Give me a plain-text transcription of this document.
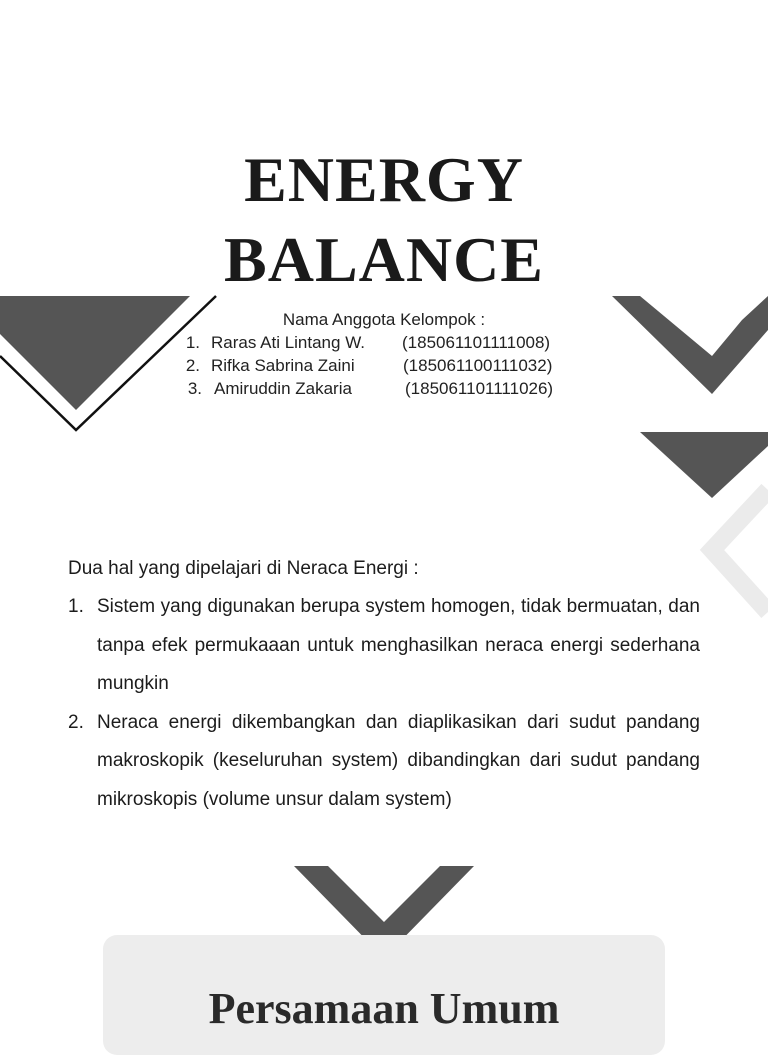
ENERGY
BALANCE
Nama Anggota Kelompok :
1. Raras Ati Lintang W. (185061101111008)
2. Rifka Sabrina Zaini	(185061100111032)
3. Amiruddin Zakaria	(185061101111026)
Dua hal yang dipelajari di Neraca Energi :
1. Sistem yang digunakan berupa system homogen, tidak bermuatan, dan tanpa efek permukaaan untuk menghasilkan neraca energi sederhana mungkin
2. Neraca energi dikembangkan dan diaplikasikan dari sudut pandang makroskopik (keseluruhan system) dibandingkan dari sudut pandang mikroskopis (volume unsur dalam system)
Persamaan Umum
